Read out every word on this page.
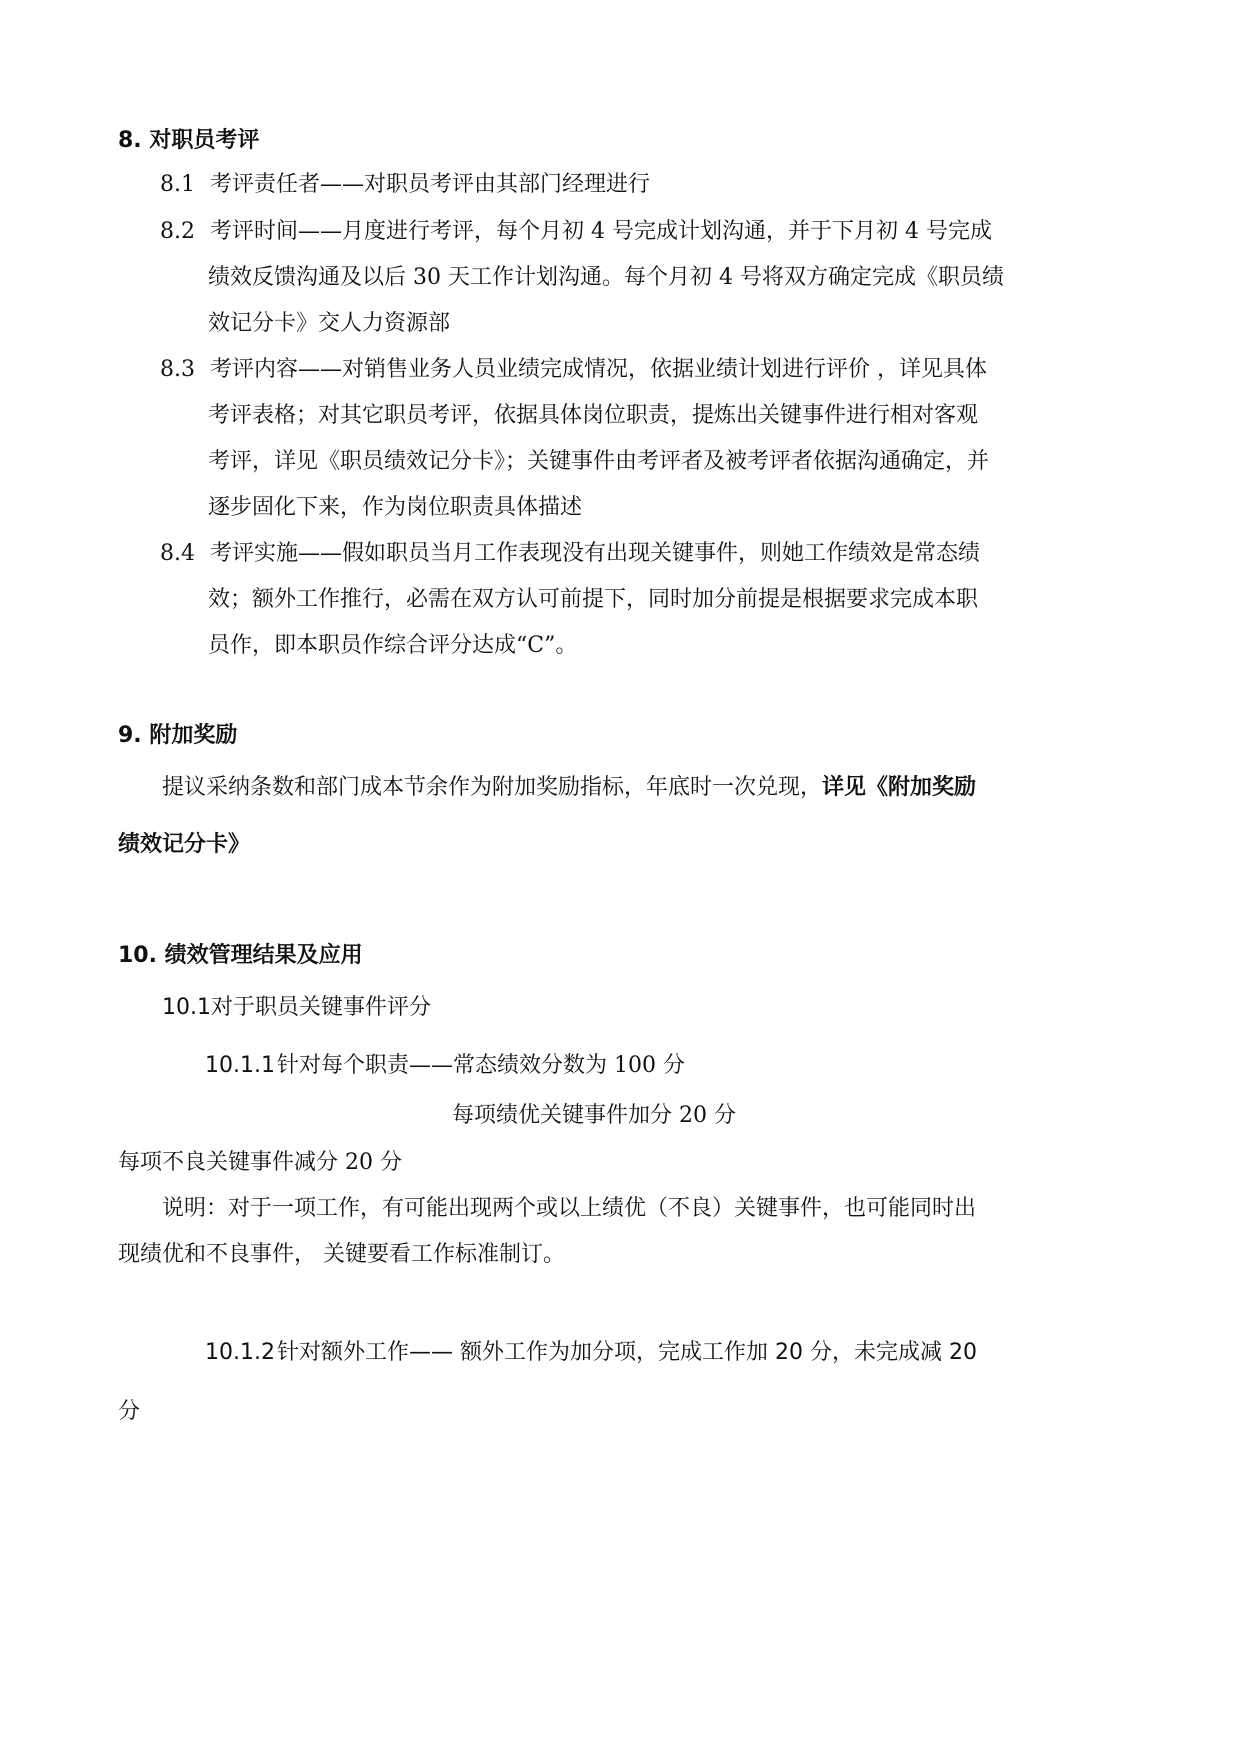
8. 对职员考评
8.1 考评责任者——对职员考评由其部门经理进行
8.2 考评时间——月度进行考评，每个月初 4 号完成计划沟通，并于下月初 4 号完成
绩效反馈沟通及以后 30 天工作计划沟通。每个月初 4 号将双方确定完成《职员绩
效记分卡》交人力资源部
8.3 考评内容——对销售业务人员业绩完成情况，依据业绩计划进行评价 ，详见具体
考评表格；对其它职员考评，依据具体岗位职责，提炼出关键事件进行相对客观
考评，详见《职员绩效记分卡》；关键事件由考评者及被考评者依据沟通确定，并
逐步固化下来，作为岗位职责具体描述
8.4 考评实施——假如职员当月工作表现没有出现关键事件，则她工作绩效是常态绩
效；额外工作推行，必需在双方认可前提下，同时加分前提是根据要求完成本职
员作，即本职员作综合评分达成“C”。
9. 附加奖励
提议采纳条数和部门成本节余作为附加奖励指标，年底时一次兑现，详见《附加奖励
绩效记分卡》
10. 绩效管理结果及应用
10.1对于职员关键事件评分
10.1.1针对每个职责——常态绩效分数为 100 分
每项绩优关键事件加分 20 分
每项不良关键事件减分 20 分
说明：对于一项工作，有可能出现两个或以上绩优（不良）关键事件，也可能同时出
现绩优和不良事件， 关键要看工作标准制订。
10.1.2针对额外工作—— 额外工作为加分项，完成工作加 20 分，未完成减 20
分
